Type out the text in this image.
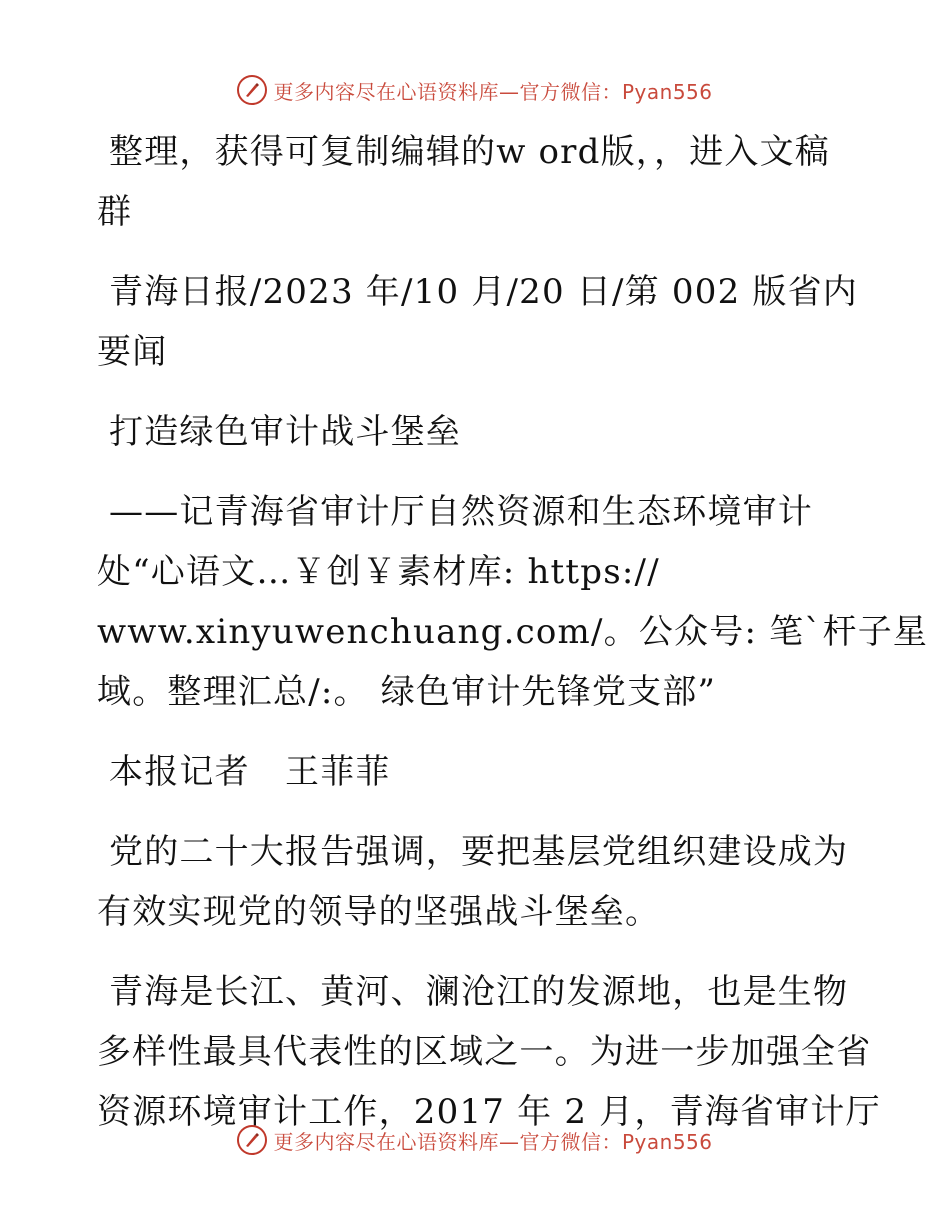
更多内容尽在心语资料库—官方微信：Pyan556
整理，获得可复制编辑的w ord版，，进入文稿
群
青海日报/2023 年/10 月/20 日/第 002 版省内
要闻
打造绿色审计战斗堡垒
——记青海省审计厅自然资源和生态环境审计
处“心语文…￥创￥素材库: https://
www.xinyuwenchuang.com/。公众号: 笔`杆子星
域。整理汇总/:。 绿色审计先锋党支部”
本报记者　王菲菲
党的二十大报告强调，要把基层党组织建设成为
有效实现党的领导的坚强战斗堡垒。
青海是长江、黄河、澜沧江的发源地，也是生物
多样性最具代表性的区域之一。为进一步加强全省
资源环境审计工作，2017 年 2 月，青海省审计厅
更多内容尽在心语资料库—官方微信：Pyan556
